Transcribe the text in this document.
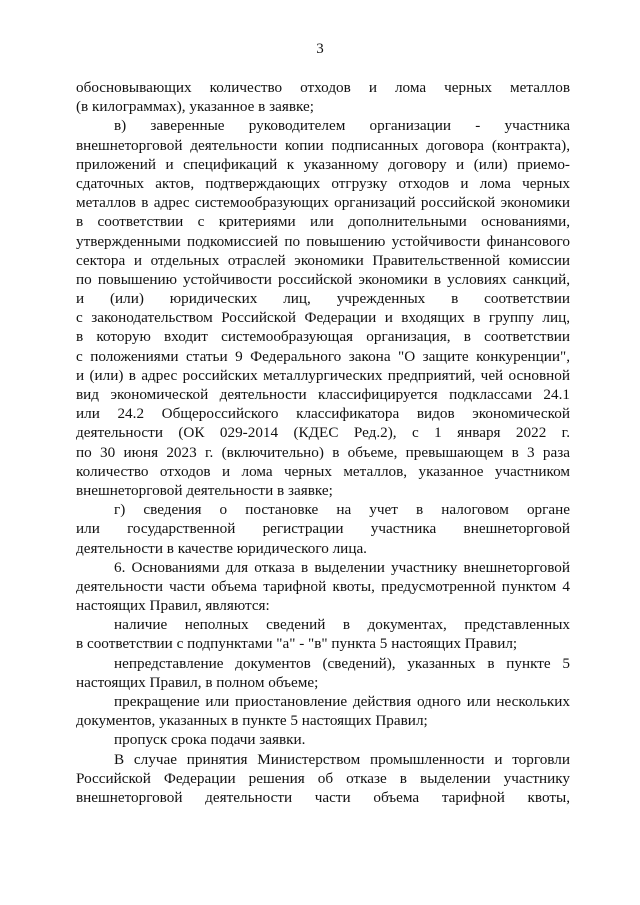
3
обосновывающих количество отходов и лома черных металлов
(в килограммах), указанное в заявке;
в) заверенные руководителем организации - участника
внешнеторговой деятельности копии подписанных договора (контракта),
приложений и спецификаций к указанному договору и (или) приемо-
сдаточных актов, подтверждающих отгрузку отходов и лома черных
металлов в адрес системообразующих организаций российской экономики
в соответствии с критериями или дополнительными основаниями,
утвержденными подкомиссией по повышению устойчивости финансового
сектора и отдельных отраслей экономики Правительственной комиссии
по повышению устойчивости российской экономики в условиях санкций,
и (или) юридических лиц, учрежденных в соответствии
с законодательством Российской Федерации и входящих в группу лиц,
в которую входит системообразующая организация, в соответствии
с положениями статьи 9 Федерального закона "О защите конкуренции",
и (или) в адрес российских металлургических предприятий, чей основной
вид экономической деятельности классифицируется подклассами 24.1
или 24.2 Общероссийского классификатора видов экономической
деятельности (ОК 029-2014 (КДЕС Ред.2), с 1 января 2022 г.
по 30 июня 2023 г. (включительно) в объеме, превышающем в 3 раза
количество отходов и лома черных металлов, указанное участником
внешнеторговой деятельности в заявке;
г) сведения о постановке на учет в налоговом органе
или государственной регистрации участника внешнеторговой
деятельности в качестве юридического лица.
6. Основаниями для отказа в выделении участнику внешнеторговой
деятельности части объема тарифной квоты, предусмотренной пунктом 4
настоящих Правил, являются:
наличие неполных сведений в документах, представленных
в соответствии с подпунктами "а" - "в" пункта 5 настоящих Правил;
непредставление документов (сведений), указанных в пункте 5
настоящих Правил, в полном объеме;
прекращение или приостановление действия одного или нескольких
документов, указанных в пункте 5 настоящих Правил;
пропуск срока подачи заявки.
В случае принятия Министерством промышленности и торговли
Российской Федерации решения об отказе в выделении участнику
внешнеторговой деятельности части объема тарифной квоты,
